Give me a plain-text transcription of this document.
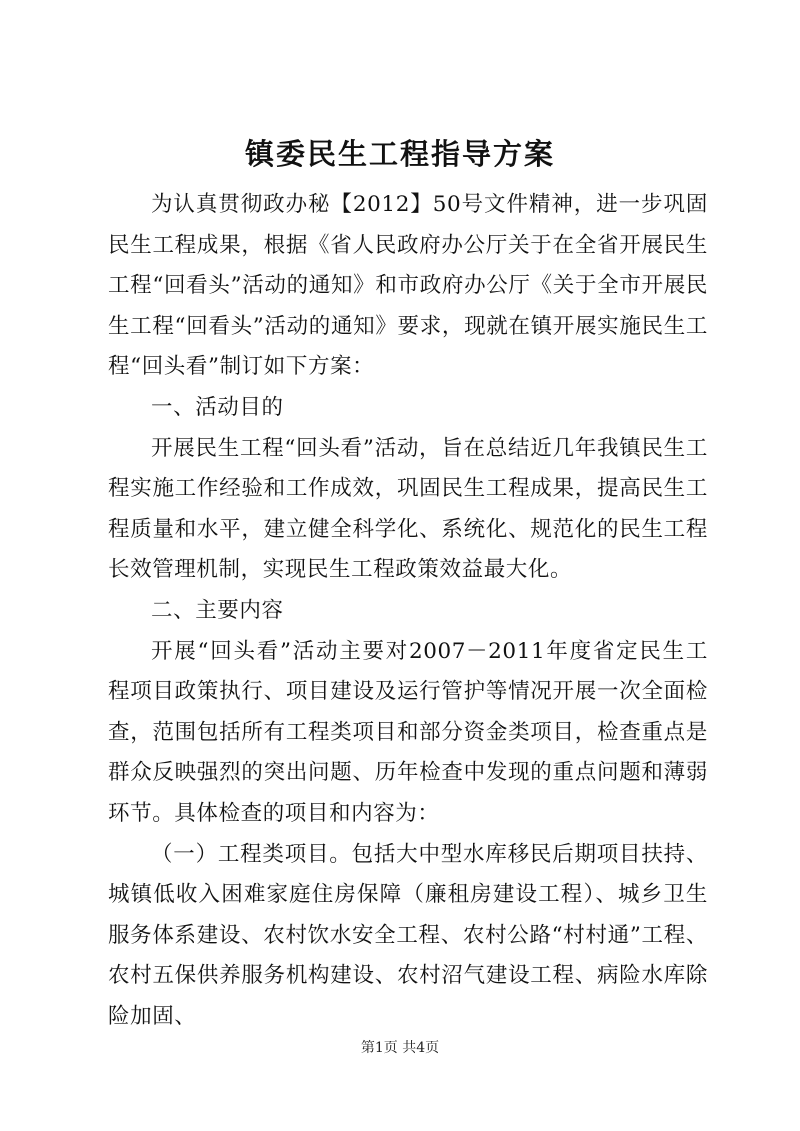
镇委民生工程指导方案

为认真贯彻政办秘【2012】50号文件精神，进一步巩固民生工程成果，根据《省人民政府办公厅关于在全省开展民生工程“回看头”活动的通知》和市政府办公厅《关于全市开展民生工程“回看头”活动的通知》要求，现就在镇开展实施民生工程“回头看”制订如下方案：

一、活动目的

开展民生工程“回头看”活动，旨在总结近几年我镇民生工程实施工作经验和工作成效，巩固民生工程成果，提高民生工程质量和水平，建立健全科学化、系统化、规范化的民生工程长效管理机制，实现民生工程政策效益最大化。

二、主要内容

开展“回头看”活动主要对2007－2011年度省定民生工程项目政策执行、项目建设及运行管护等情况开展一次全面检查，范围包括所有工程类项目和部分资金类项目，检查重点是群众反映强烈的突出问题、历年检查中发现的重点问题和薄弱环节。具体检查的项目和内容为：

（一）工程类项目。包括大中型水库移民后期项目扶持、城镇低收入困难家庭住房保障（廉租房建设工程）、城乡卫生服务体系建设、农村饮水安全工程、农村公路“村村通”工程、农村五保供养服务机构建设、农村沼气建设工程、病险水库除险加固、

第1页 共4页
